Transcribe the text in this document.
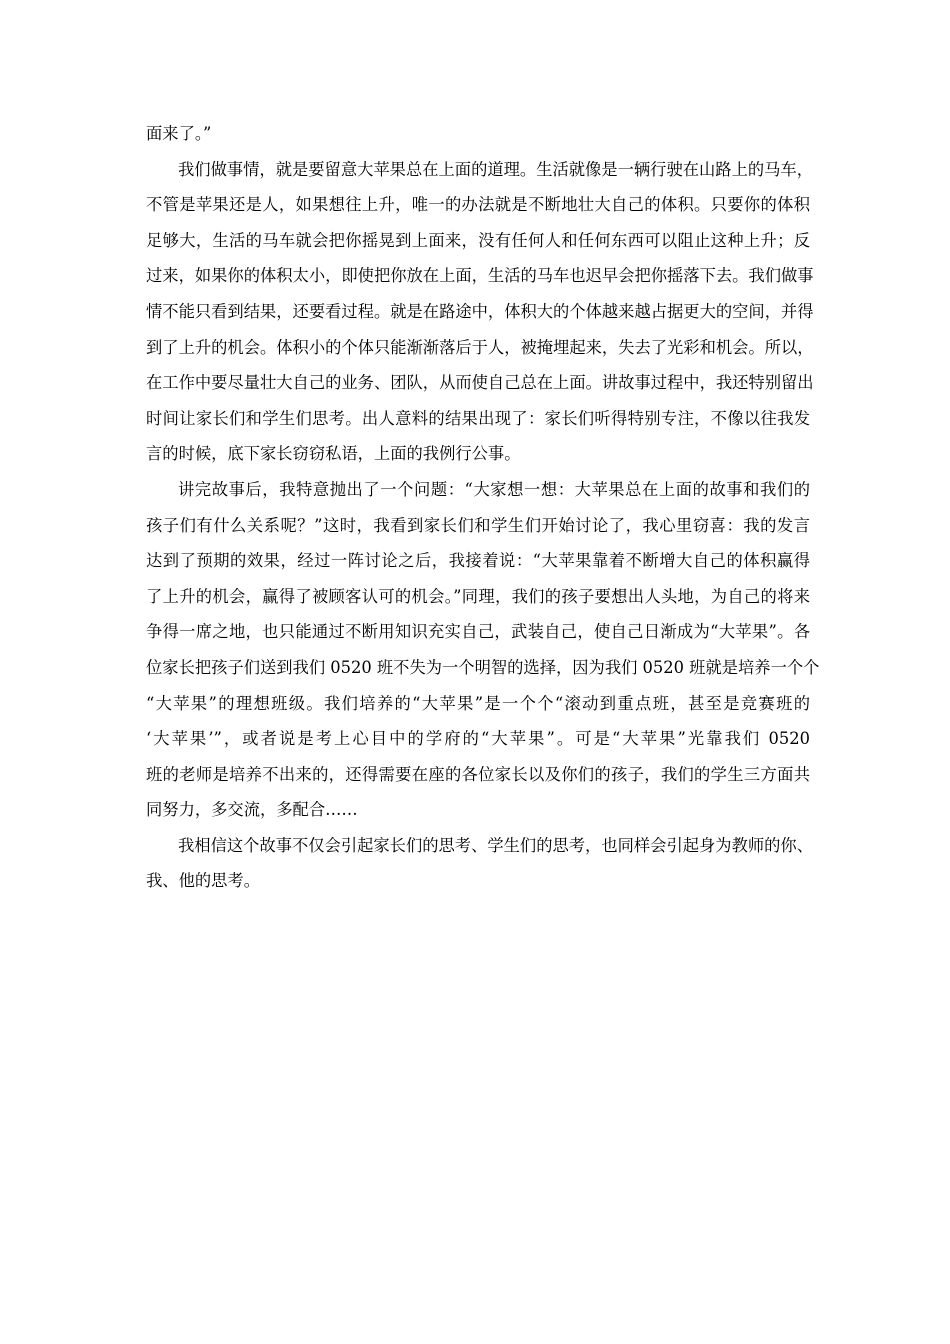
面来了。”
我们做事情，就是要留意大苹果总在上面的道理。生活就像是一辆行驶在山路上的马车，
不管是苹果还是人，如果想往上升，唯一的办法就是不断地壮大自己的体积。只要你的体积
足够大，生活的马车就会把你摇晃到上面来，没有任何人和任何东西可以阻止这种上升；反
过来，如果你的体积太小，即使把你放在上面，生活的马车也迟早会把你摇落下去。我们做事
情不能只看到结果，还要看过程。就是在路途中，体积大的个体越来越占据更大的空间，并得
到了上升的机会。体积小的个体只能渐渐落后于人，被掩埋起来，失去了光彩和机会。所以，
在工作中要尽量壮大自己的业务、团队，从而使自己总在上面。讲故事过程中，我还特别留出
时间让家长们和学生们思考。出人意料的结果出现了：家长们听得特别专注，不像以往我发
言的时候，底下家长窃窃私语，上面的我例行公事。
讲完故事后，我特意抛出了一个问题：“大家想一想：大苹果总在上面的故事和我们的
孩子们有什么关系呢？”这时，我看到家长们和学生们开始讨论了，我心里窃喜：我的发言
达到了预期的效果，经过一阵讨论之后，我接着说：“大苹果靠着不断增大自己的体积赢得
了上升的机会，赢得了被顾客认可的机会。”同理，我们的孩子要想出人头地，为自己的将来
争得一席之地，也只能通过不断用知识充实自己，武装自己，使自己日渐成为“大苹果”。各
位家长把孩子们送到我们 0520 班不失为一个明智的选择，因为我们 0520 班就是培养一个个
“大苹果”的理想班级。我们培养的“大苹果”是一个个“滚动到重点班，甚至是竞赛班的
‘大苹果’”，或者说是考上心目中的学府的“大苹果”。可是“大苹果”光靠我们 0520
班的老师是培养不出来的，还得需要在座的各位家长以及你们的孩子，我们的学生三方面共
同努力，多交流，多配合……
我相信这个故事不仅会引起家长们的思考、学生们的思考，也同样会引起身为教师的你、
我、他的思考。
